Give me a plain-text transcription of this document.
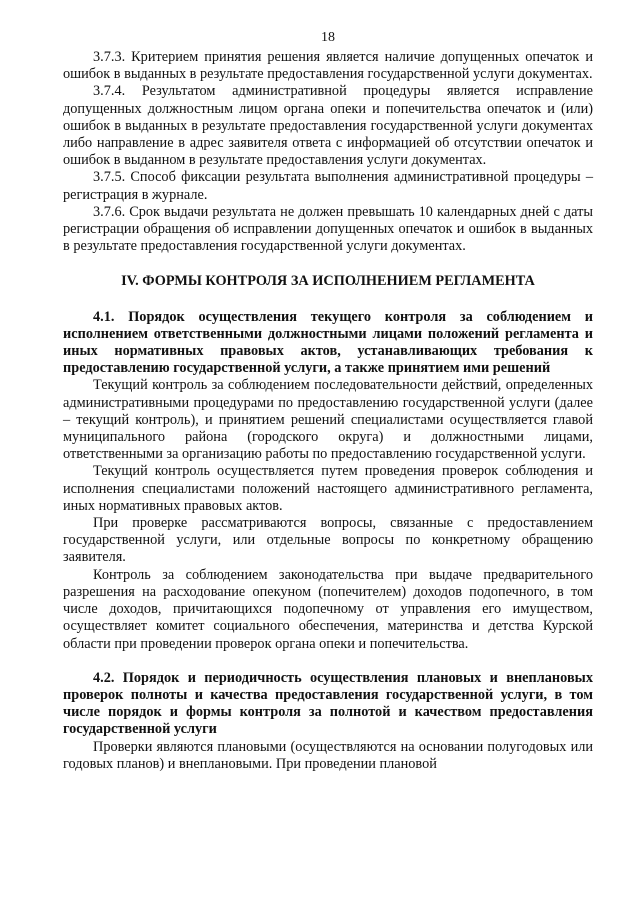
18

3.7.3. Критерием принятия решения является наличие допущенных опечаток и ошибок в выданных в результате предоставления государственной услуги документах.

3.7.4. Результатом административной процедуры является исправление допущенных должностным лицом органа опеки и попечительства опечаток и (или) ошибок в выданных в результате предоставления государственной услуги документах либо направление в адрес заявителя ответа с информацией об отсутствии опечаток и ошибок в выданном в результате предоставления услуги документах.

3.7.5. Способ фиксации результата выполнения административной процедуры – регистрация в журнале.

3.7.6. Срок выдачи результата не должен превышать 10 календарных дней с даты регистрации обращения об исправлении допущенных опечаток и ошибок в выданных в результате предоставления государственной услуги документах.

IV. ФОРМЫ КОНТРОЛЯ ЗА ИСПОЛНЕНИЕМ РЕГЛАМЕНТА

4.1. Порядок осуществления текущего контроля за соблюдением и исполнением ответственными должностными лицами положений регламента и иных нормативных правовых актов, устанавливающих требования к предоставлению государственной услуги, а также принятием ими решений

Текущий контроль за соблюдением последовательности действий, определенных административными процедурами по предоставлению государственной услуги (далее – текущий контроль), и принятием решений специалистами осуществляется главой муниципального района (городского округа) и должностными лицами, ответственными за организацию работы по предоставлению государственной услуги.

Текущий контроль осуществляется путем проведения проверок соблюдения и исполнения специалистами положений настоящего административного регламента, иных нормативных правовых актов.

При проверке рассматриваются вопросы, связанные с предоставлением государственной услуги, или отдельные вопросы по конкретному обращению заявителя.

Контроль за соблюдением законодательства при выдаче предварительного разрешения на расходование опекуном (попечителем) доходов подопечного, в том числе доходов, причитающихся подопечному от управления его имуществом, осуществляет комитет социального обеспечения, материнства и детства Курской области при проведении проверок органа опеки и попечительства.

4.2. Порядок и периодичность осуществления плановых и внеплановых проверок полноты и качества предоставления государственной услуги, в том числе порядок и формы контроля за полнотой и качеством предоставления государственной услуги

Проверки являются плановыми (осуществляются на основании полугодовых или годовых планов) и внеплановыми. При проведении плановой
